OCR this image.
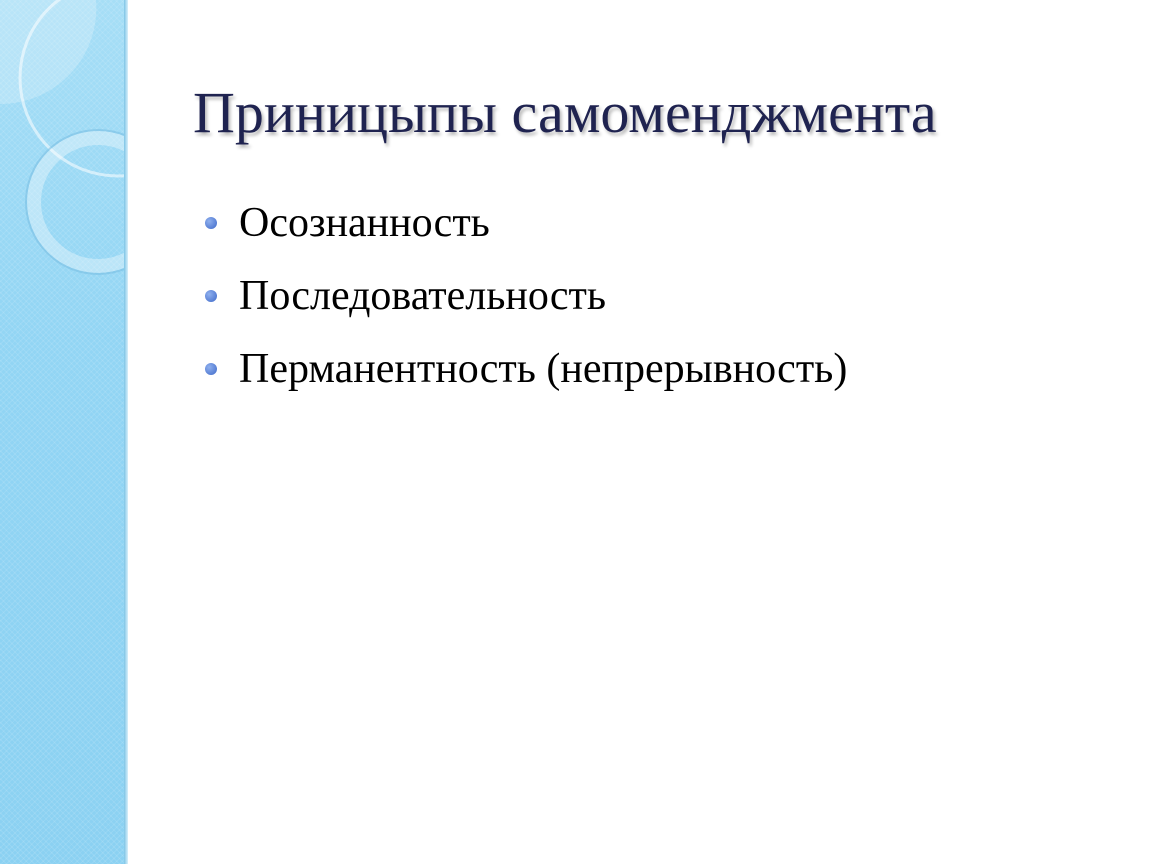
Приницыпы самоменджмента
Осознанность
Последовательность
Перманентность (непрерывность)
